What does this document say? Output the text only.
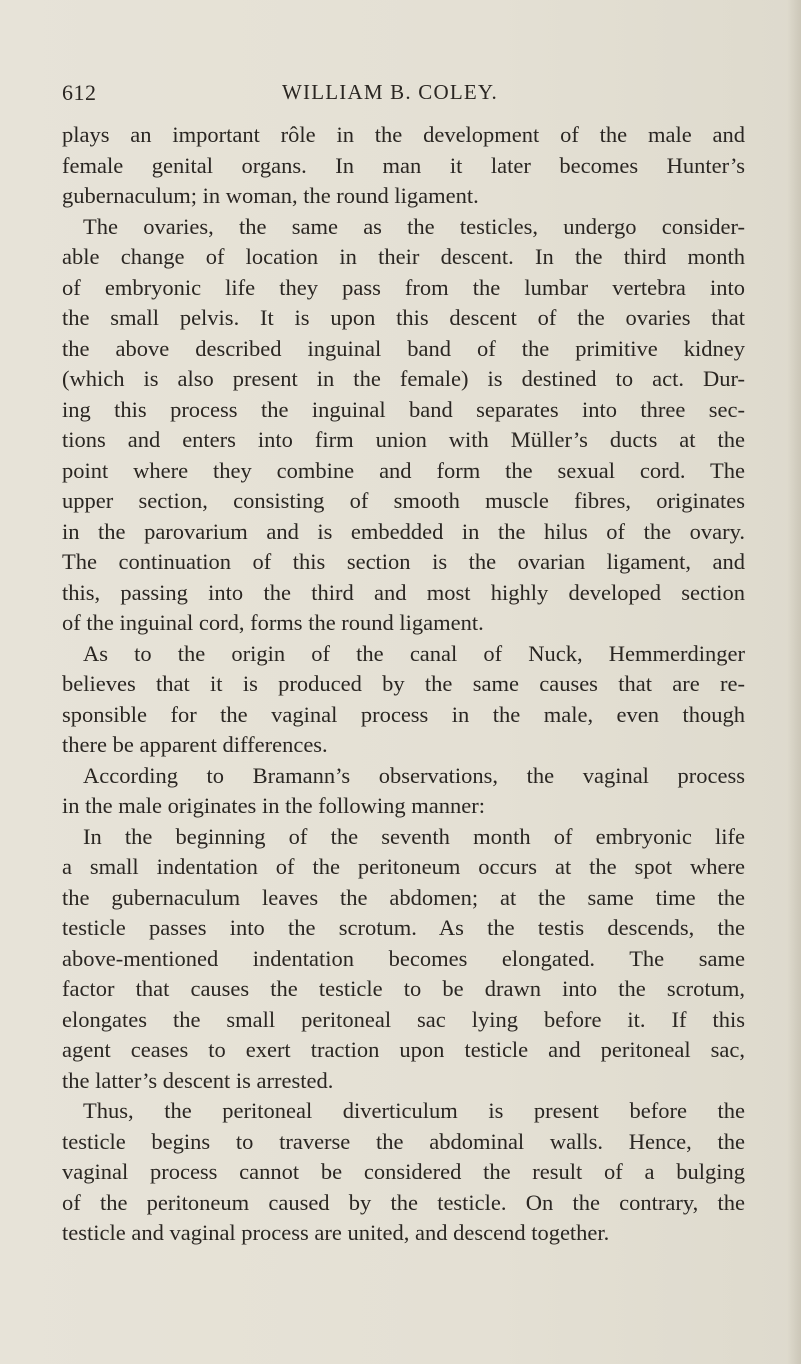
612	WILLIAM B. COLEY.
plays an important rôle in the development of the male and
female genital organs. In man it later becomes Hunter’s
gubernaculum; in woman, the round ligament.
The ovaries, the same as the testicles, undergo consider-
able change of location in their descent. In the third month
of embryonic life they pass from the lumbar vertebra into
the small pelvis. It is upon this descent of the ovaries that
the above described inguinal band of the primitive kidney
(which is also present in the female) is destined to act. Dur-
ing this process the inguinal band separates into three sec-
tions and enters into firm union with Müller’s ducts at the
point where they combine and form the sexual cord. The
upper section, consisting of smooth muscle fibres, originates
in the parovarium and is embedded in the hilus of the ovary.
The continuation of this section is the ovarian ligament, and
this, passing into the third and most highly developed section
of the inguinal cord, forms the round ligament.
As to the origin of the canal of Nuck, Hemmerdinger
believes that it is produced by the same causes that are re-
sponsible for the vaginal process in the male, even though
there be apparent differences.
According to Bramann’s observations, the vaginal process
in the male originates in the following manner:
In the beginning of the seventh month of embryonic life
a small indentation of the peritoneum occurs at the spot where
the gubernaculum leaves the abdomen; at the same time the
testicle passes into the scrotum. As the testis descends, the
above-mentioned indentation becomes elongated. The same
factor that causes the testicle to be drawn into the scrotum,
elongates the small peritoneal sac lying before it. If this
agent ceases to exert traction upon testicle and peritoneal sac,
the latter’s descent is arrested.
Thus, the peritoneal diverticulum is present before the
testicle begins to traverse the abdominal walls. Hence, the
vaginal process cannot be considered the result of a bulging
of the peritoneum caused by the testicle. On the contrary, the
testicle and vaginal process are united, and descend together.
